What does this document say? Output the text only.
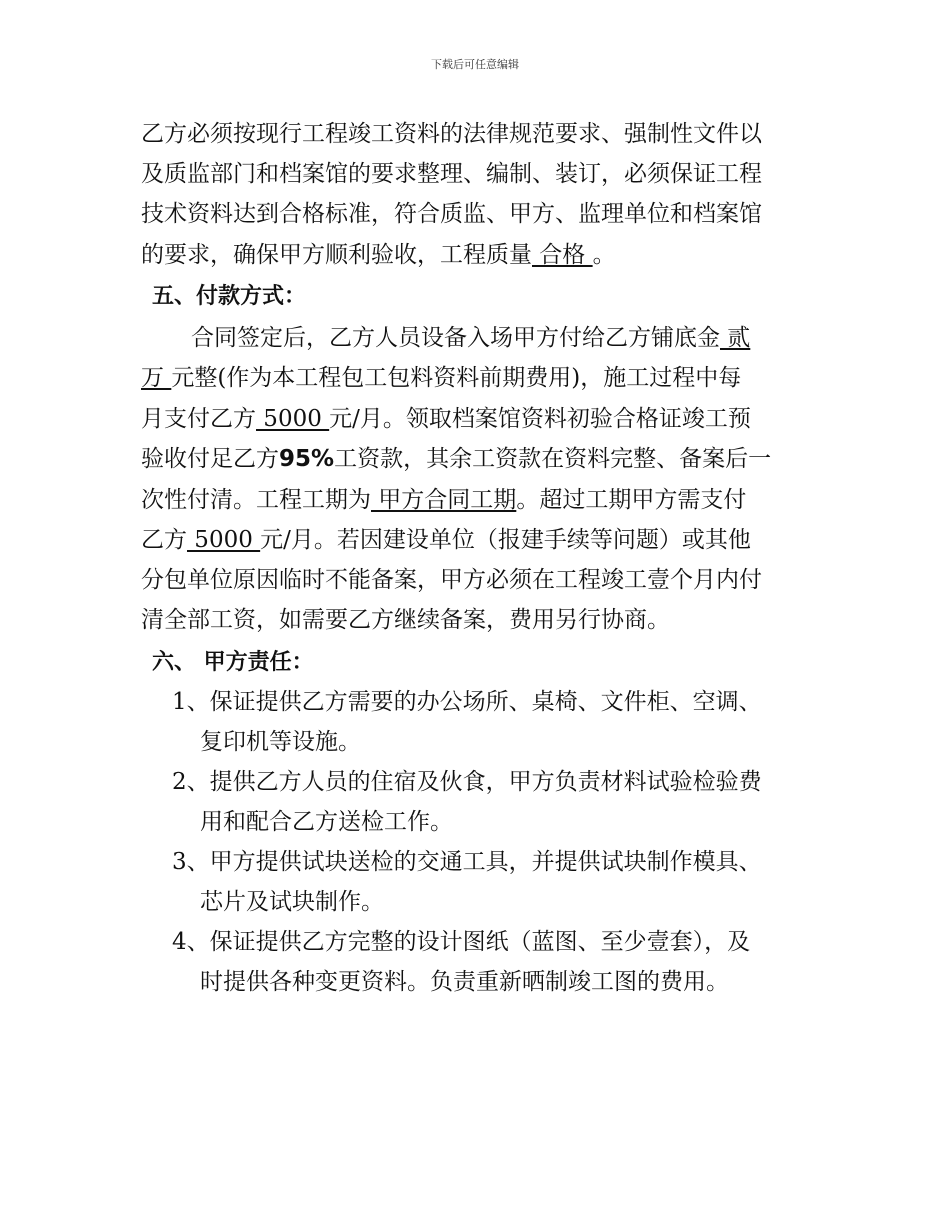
下载后可任意编辑
乙方必须按现行工程竣工资料的法律规范要求、强制性文件以
及质监部门和档案馆的要求整理、编制、装订，必须保证工程
技术资料达到合格标准，符合质监、甲方、监理单位和档案馆
的要求，确保甲方顺利验收，工程质量 合格 。
五、付款方式：
合同签定后，乙方人员设备入场甲方付给乙方铺底金 贰
万 元整(作为本工程包工包料资料前期费用)，施工过程中每
月支付乙方 5000 元/月。领取档案馆资料初验合格证竣工预
验收付足乙方95%工资款，其余工资款在资料完整、备案后一
次性付清。工程工期为 甲方合同工期。超过工期甲方需支付
乙方 5000 元/月。若因建设单位（报建手续等问题）或其他
分包单位原因临时不能备案，甲方必须在工程竣工壹个月内付
清全部工资，如需要乙方继续备案，费用另行协商。
六、 甲方责任：
1、保证提供乙方需要的办公场所、桌椅、文件柜、空调、
复印机等设施。
2、提供乙方人员的住宿及伙食，甲方负责材料试验检验费
用和配合乙方送检工作。
3、甲方提供试块送检的交通工具，并提供试块制作模具、
芯片及试块制作。
4、保证提供乙方完整的设计图纸（蓝图、至少壹套），及
时提供各种变更资料。负责重新晒制竣工图的费用。
